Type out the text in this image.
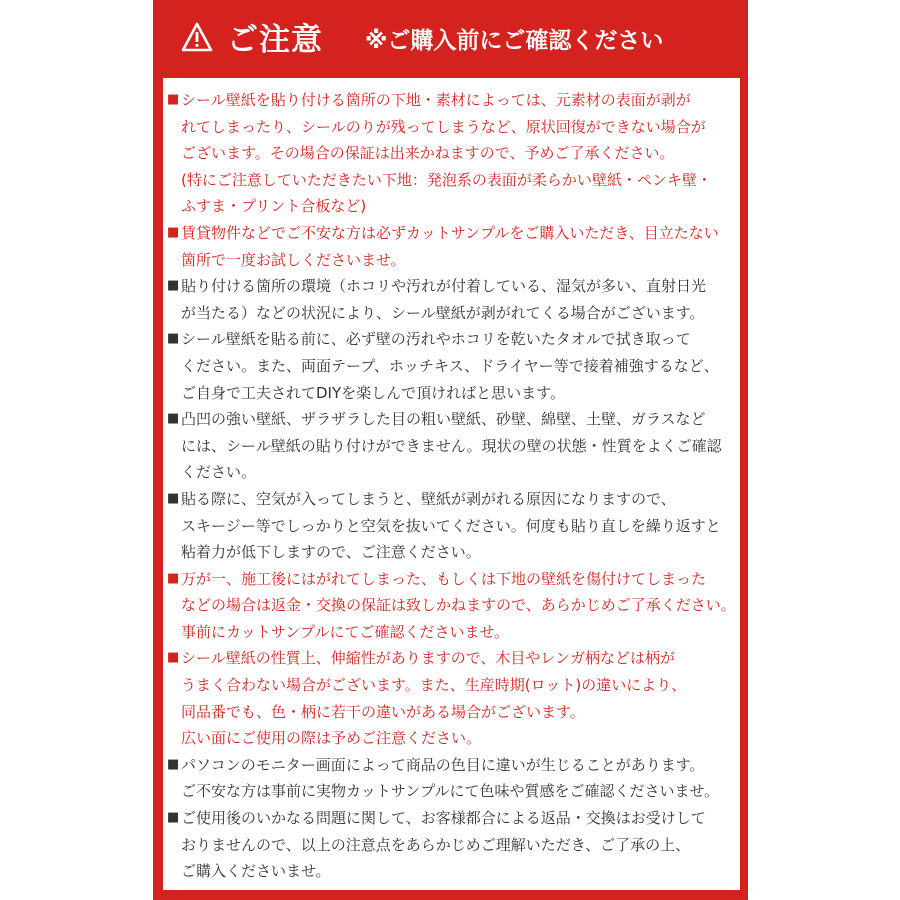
ご注意 ※ご購入前にご確認ください
■ シール壁紙を貼り付ける箇所の下地・素材によっては、元素材の表面が剥が
れてしまったり、シールのりが残ってしまうなど、原状回復ができない場合が
ございます。その場合の保証は出来かねますので、予めご了承ください。
(特にご注意していただきたい下地：発泡系の表面が柔らかい壁紙・ペンキ壁・
ふすま・プリント合板など)
■ 賃貸物件などでご不安な方は必ずカットサンプルをご購入いただき、目立たない
箇所で一度お試しくださいませ。
■ 貼り付ける箇所の環境（ホコリや汚れが付着している、湿気が多い、直射日光
が当たる）などの状況により、シール壁紙が剥がれてくる場合がございます。
■ シール壁紙を貼る前に、必ず壁の汚れやホコリを乾いたタオルで拭き取って
ください。また、両面テープ、ホッチキス、ドライヤー等で接着補強するなど、
ご自身で工夫されてDIYを楽しんで頂ければと思います。
■ 凸凹の強い壁紙、ザラザラした目の粗い壁紙、砂壁、綿壁、土壁、ガラスなど
には、シール壁紙の貼り付けができません。現状の壁の状態・性質をよくご確認
ください。
■ 貼る際に、空気が入ってしまうと、壁紙が剥がれる原因になりますので、
スキージー等でしっかりと空気を抜いてください。何度も貼り直しを繰り返すと
粘着力が低下しますので、ご注意ください。
■ 万が一、施工後にはがれてしまった、もしくは下地の壁紙を傷付けてしまった
などの場合は返金・交換の保証は致しかねますので、あらかじめご了承ください。
事前にカットサンプルにてご確認くださいませ。
■ シール壁紙の性質上、伸縮性がありますので、木目やレンガ柄などは柄が
うまく合わない場合がございます。また、生産時期(ロット)の違いにより、
同品番でも、色・柄に若干の違いがある場合がございます。
広い面にご使用の際は予めご注意ください。
■ パソコンのモニター画面によって商品の色目に違いが生じることがあります。
ご不安な方は事前に実物カットサンプルにて色味や質感をご確認くださいませ。
■ ご使用後のいかなる問題に関して、お客様都合による返品・交換はお受けして
おりませんので、以上の注意点をあらかじめご理解いただき、ご了承の上、
ご購入くださいませ。
